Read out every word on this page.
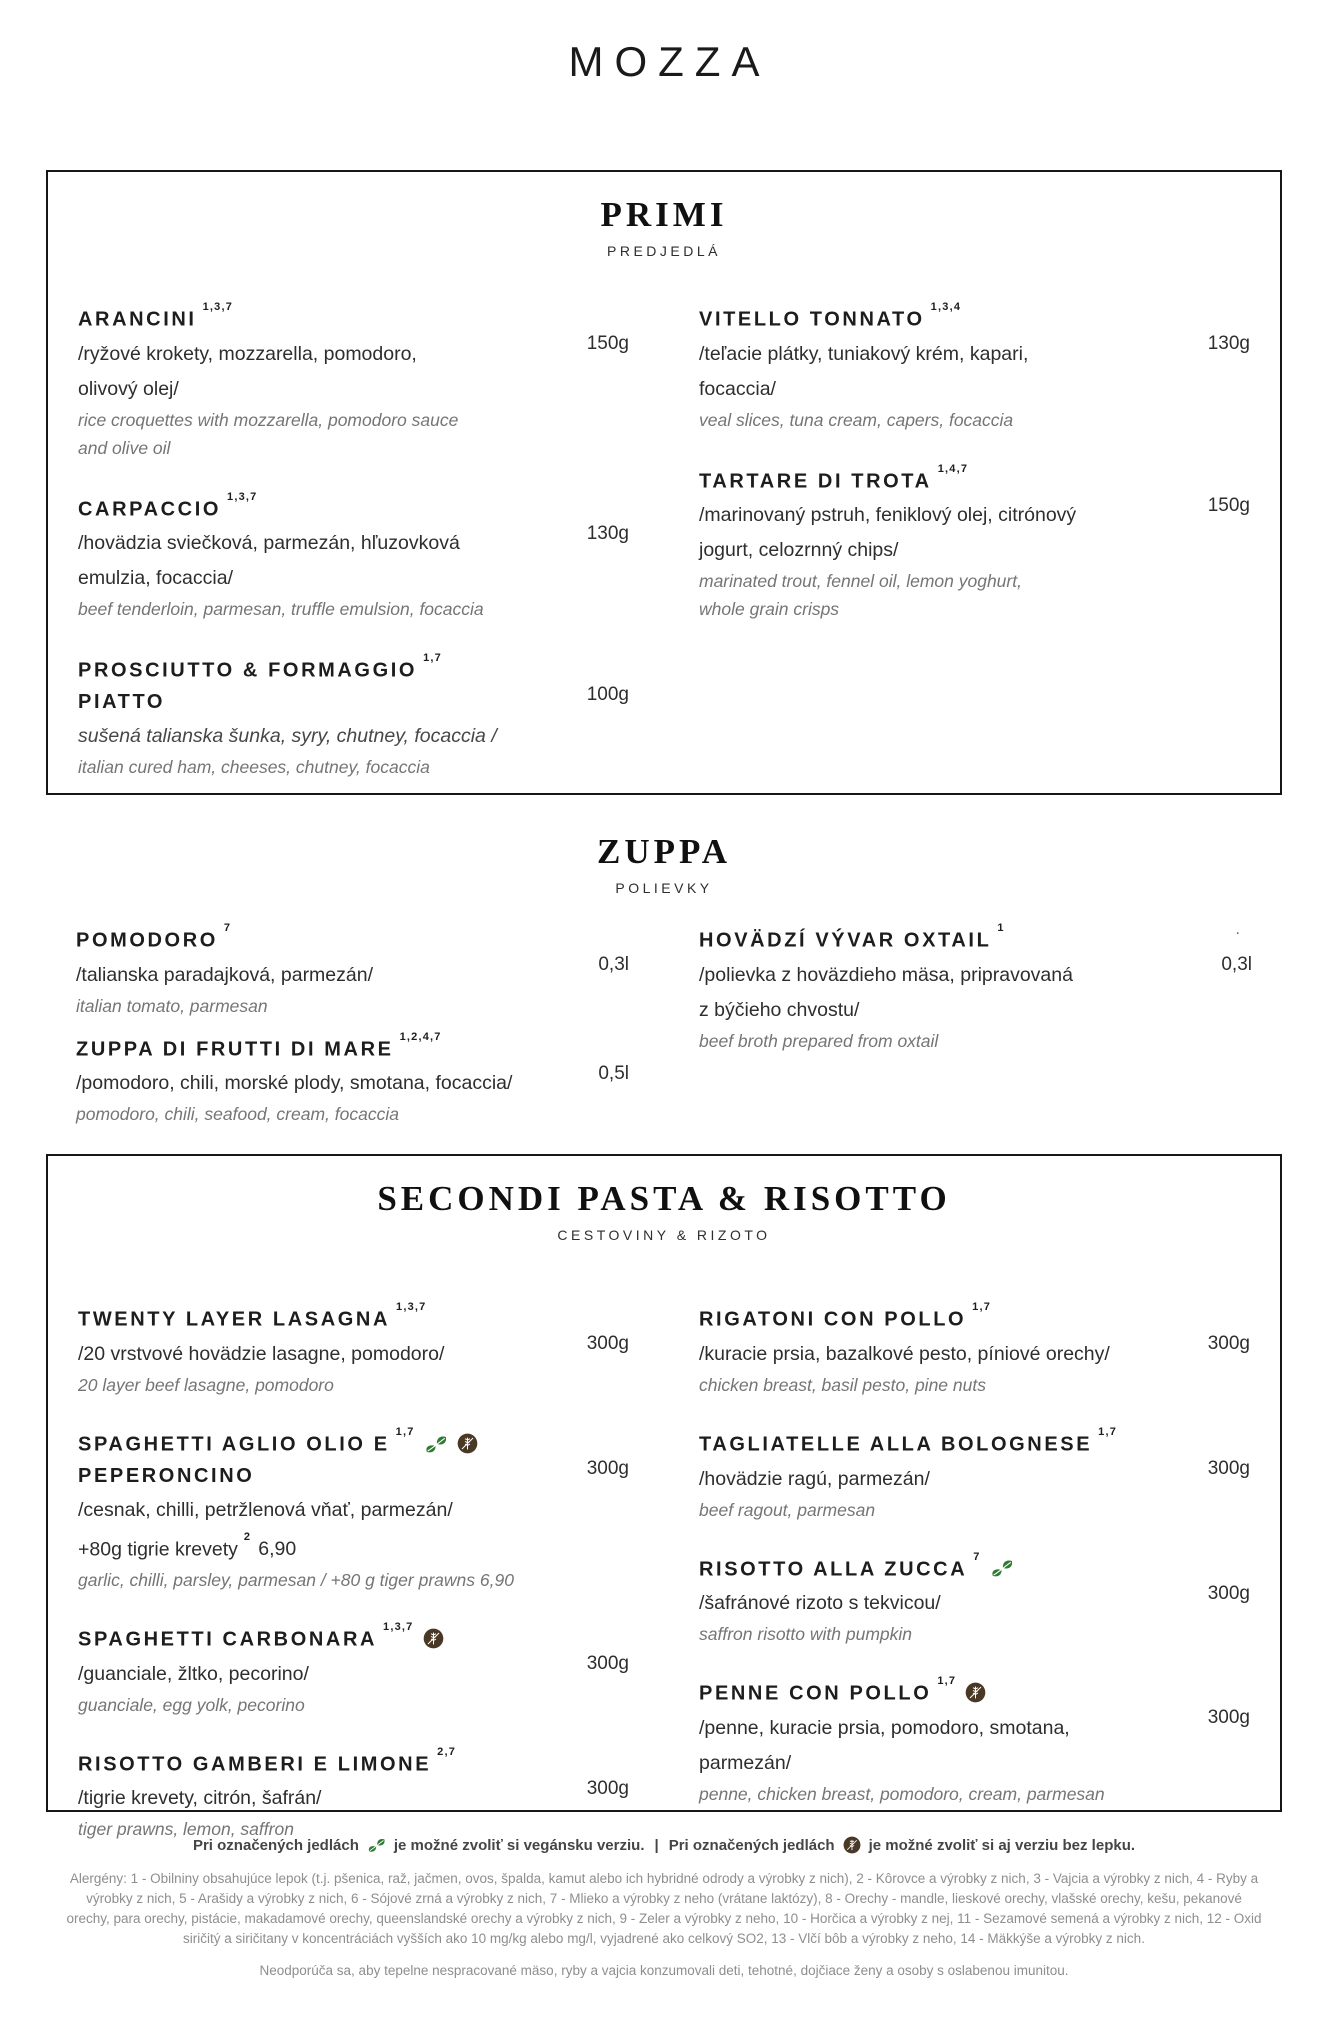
MOZZA
PRIMI
PREDJEDLÁ
ARANCINI$^{1,3,7}$

/ryžové krokety, mozzarella, pomodoro,

olivový olej/

rice croquettes with mozzarella, pomodoro sauce

and olive oil

150g
CARPACCIO$^{1,3,7}$

/hovädzia sviečková, parmezán, hľuzovková

emulzia, focaccia/

beef tenderloin, parmesan, truffle emulsion, focaccia

130g
PROSCIUTTO & FORMAGGIO$^{1,7}$
PIATTO

sušená talianska šunka, syry, chutney, focaccia /

italian cured ham, cheeses, chutney, focaccia

100g
VITELLO TONNATO$^{1,3,4}$

/teľacie plátky, tuniakový krém, kapari,

focaccia/

veal slices, tuna cream, capers, focaccia

130g
TARTARE DI TROTA$^{1,4,7}$

/marinovaný pstruh, feniklový olej, citrónový

jogurt, celozrnný chips/

marinated trout, fennel oil, lemon yoghurt,

whole grain crisps

150g
ZUPPA
POLIEVKY
POMODORO$^7$

/talianska paradajková, parmezán/

italian tomato, parmesan

0,3l
ZUPPA DI FRUTTI DI MARE$^{1,2,4,7}$

/pomodoro, chili, morské plody, smotana, focaccia/

pomodoro, chili, seafood, cream, focaccia

0,5l
HOVÄDZÍ VÝVAR OXTAIL$^1$

/polievka z hoväzdieho mäsa, pripravovaná

z býčieho chvostu/

beef broth prepared from oxtail

0,3l
.
SECONDI PASTA & RISOTTO
CESTOVINY & RIZOTO
TWENTY LAYER LASAGNA$^{1,3,7}$

/20 vrstvové hovädzie lasagne, pomodoro/

20 layer beef lasagne, pomodoro

300g
SPAGHETTI AGLIO OLIO E$^{1,7}$
PEPERONCINO

/cesnak, chilli, petržlenová vňať, parmezán/

+80g tigrie krevety$^2$6,90

garlic, chilli, parsley, parmesan / +80 g tiger prawns 6,90

300g
SPAGHETTI CARBONARA$^{1,3,7}$

/guanciale, žltko, pecorino/

guanciale, egg yolk, pecorino

300g
RISOTTO GAMBERI E LIMONE$^{2,7}$

/tigrie krevety, citrón, šafrán/

tiger prawns, lemon, saffron

300g
RIGATONI CON POLLO$^{1,7}$

/kuracie prsia, bazalkové pesto, píniové orechy/

chicken breast, basil pesto, pine nuts

300g
TAGLIATELLE ALLA BOLOGNESE$^{1,7}$

/hovädzie ragú, parmezán/

beef ragout, parmesan

300g
RISOTTO ALLA ZUCCA$^7$

/šafránové rizoto s tekvicou/

saffron risotto with pumpkin

300g
PENNE CON POLLO$^{1,7}$

/penne, kuracie prsia, pomodoro, smotana,

parmezán/

penne, chicken breast, pomodoro, cream, parmesan

300g
Pri označených jedlách je možné zvoliť si vegánsku verziu. | Pri označených jedlách je možné zvoliť si aj verziu bez lepku.

Alergény: 1 - Obilniny obsahujúce lepok (t.j. pšenica, raž, jačmen, ovos, špalda, kamut alebo ich hybridné odrody a výrobky z nich), 2 - Kôrovce a výrobky z nich, 3 - Vajcia a výrobky z nich, 4 - Ryby a výrobky z nich, 5 - Arašidy a výrobky z nich, 6 - Sójové zrná a výrobky z nich, 7 - Mlieko a výrobky z neho (vrátane laktózy), 8 - Orechy - mandle, lieskové orechy, vlašské orechy, kešu, pekanové orechy, para orechy, pistácie, makadamové orechy, queenslandské orechy a výrobky z nich, 9 - Zeler a výrobky z neho, 10 - Horčica a výrobky z nej, 11 - Sezamové semená a výrobky z nich, 12 - Oxid siričitý a siričitany v koncentráciách vyšších ako 10 mg/kg alebo mg/l, vyjadrené ako celkový SO2, 13 - Vlčí bôb a výrobky z neho, 14 - Mäkkýše a výrobky z nich.

Neodporúča sa, aby tepelne nespracované mäso, ryby a vajcia konzumovali deti, tehotné, dojčiace ženy a osoby s oslabenou imunitou.
